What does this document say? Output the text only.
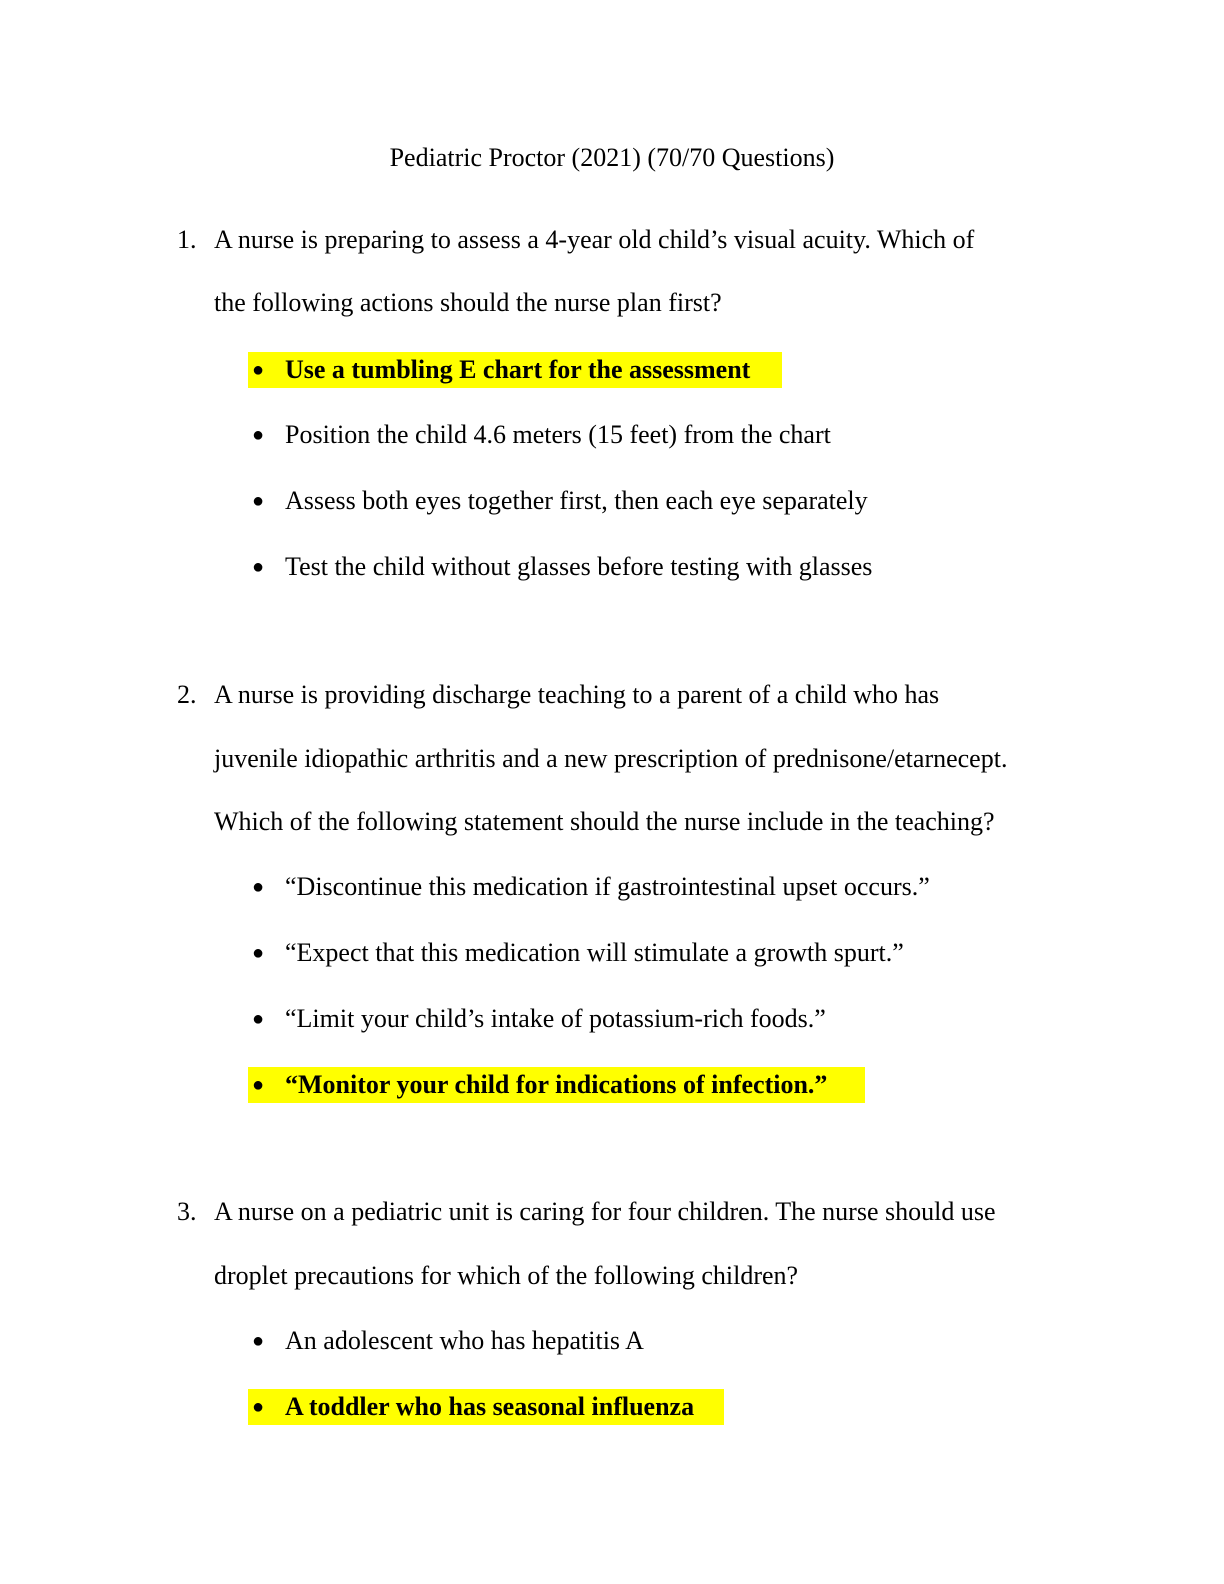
Pediatric Proctor (2021) (70/70 Questions)
1. A nurse is preparing to assess a 4-year old child’s visual acuity. Which of
the following actions should the nurse plan first?
● Use a tumbling E chart for the assessment
● Position the child 4.6 meters (15 feet) from the chart
● Assess both eyes together first, then each eye separately
● Test the child without glasses before testing with glasses
2. A nurse is providing discharge teaching to a parent of a child who has
juvenile idiopathic arthritis and a new prescription of prednisone/etarnecept.
Which of the following statement should the nurse include in the teaching?
● “Discontinue this medication if gastrointestinal upset occurs.”
● “Expect that this medication will stimulate a growth spurt.”
● “Limit your child’s intake of potassium-rich foods.”
● “Monitor your child for indications of infection.”
3. A nurse on a pediatric unit is caring for four children. The nurse should use
droplet precautions for which of the following children?
● An adolescent who has hepatitis A
● A toddler who has seasonal influenza
